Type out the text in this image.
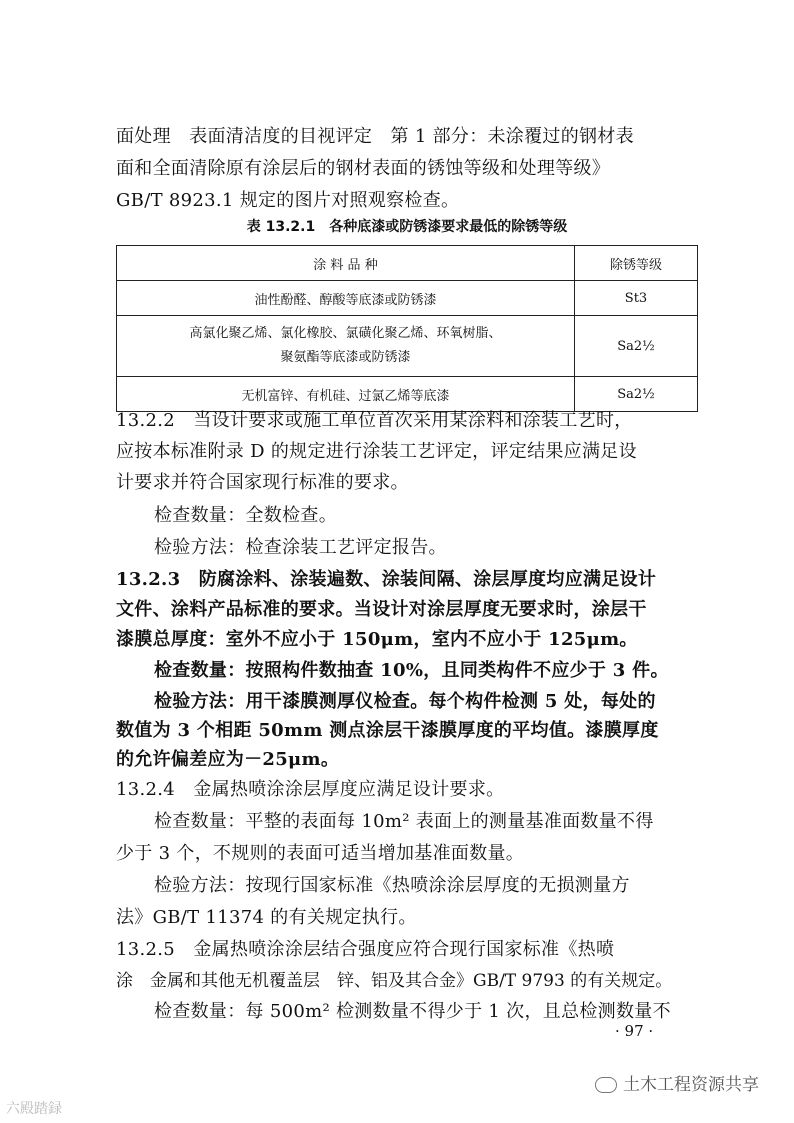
面处理　表面清洁度的目视评定　第 1 部分：未涂覆过的钢材表
面和全面清除原有涂层后的钢材表面的锈蚀等级和处理等级》
GB/T 8923.1 规定的图片对照观察检查。
表 13.2.1　各种底漆或防锈漆要求最低的除锈等级
涂 料 品 种	除锈等级
油性酚醛、醇酸等底漆或防锈漆	St3

高氯化聚乙烯、氯化橡胶、氯磺化聚乙烯、环氧树脂、
聚氨酯等底漆或防锈漆	Sa2½
无机富锌、有机硅、过氯乙烯等底漆	Sa2½
13.2.2　当设计要求或施工单位首次采用某涂料和涂装工艺时，
应按本标准附录 D 的规定进行涂装工艺评定，评定结果应满足设
计要求并符合国家现行标准的要求。
检查数量：全数检查。
检验方法：检查涂装工艺评定报告。
13.2.3　防腐涂料、涂装遍数、涂装间隔、涂层厚度均应满足设计
文件、涂料产品标准的要求。当设计对涂层厚度无要求时，涂层干
漆膜总厚度：室外不应小于 150μm，室内不应小于 125μm。
检查数量：按照构件数抽查 10%，且同类构件不应少于 3 件。
检验方法：用干漆膜测厚仪检查。每个构件检测 5 处，每处的
数值为 3 个相距 50mm 测点涂层干漆膜厚度的平均值。漆膜厚度
的允许偏差应为－25μm。
13.2.4　金属热喷涂涂层厚度应满足设计要求。
检查数量：平整的表面每 10m² 表面上的测量基准面数量不得
少于 3 个，不规则的表面可适当增加基准面数量。
检验方法：按现行国家标准《热喷涂涂层厚度的无损测量方
法》GB/T 11374 的有关规定执行。
13.2.5　金属热喷涂涂层结合强度应符合现行国家标准《热喷
涂　金属和其他无机覆盖层　锌、铝及其合金》GB/T 9793 的有关规定。
检查数量：每 500m² 检测数量不得少于 1 次，且总检测数量不
· 97 ·
土木工程资源共享
六殿踏録
